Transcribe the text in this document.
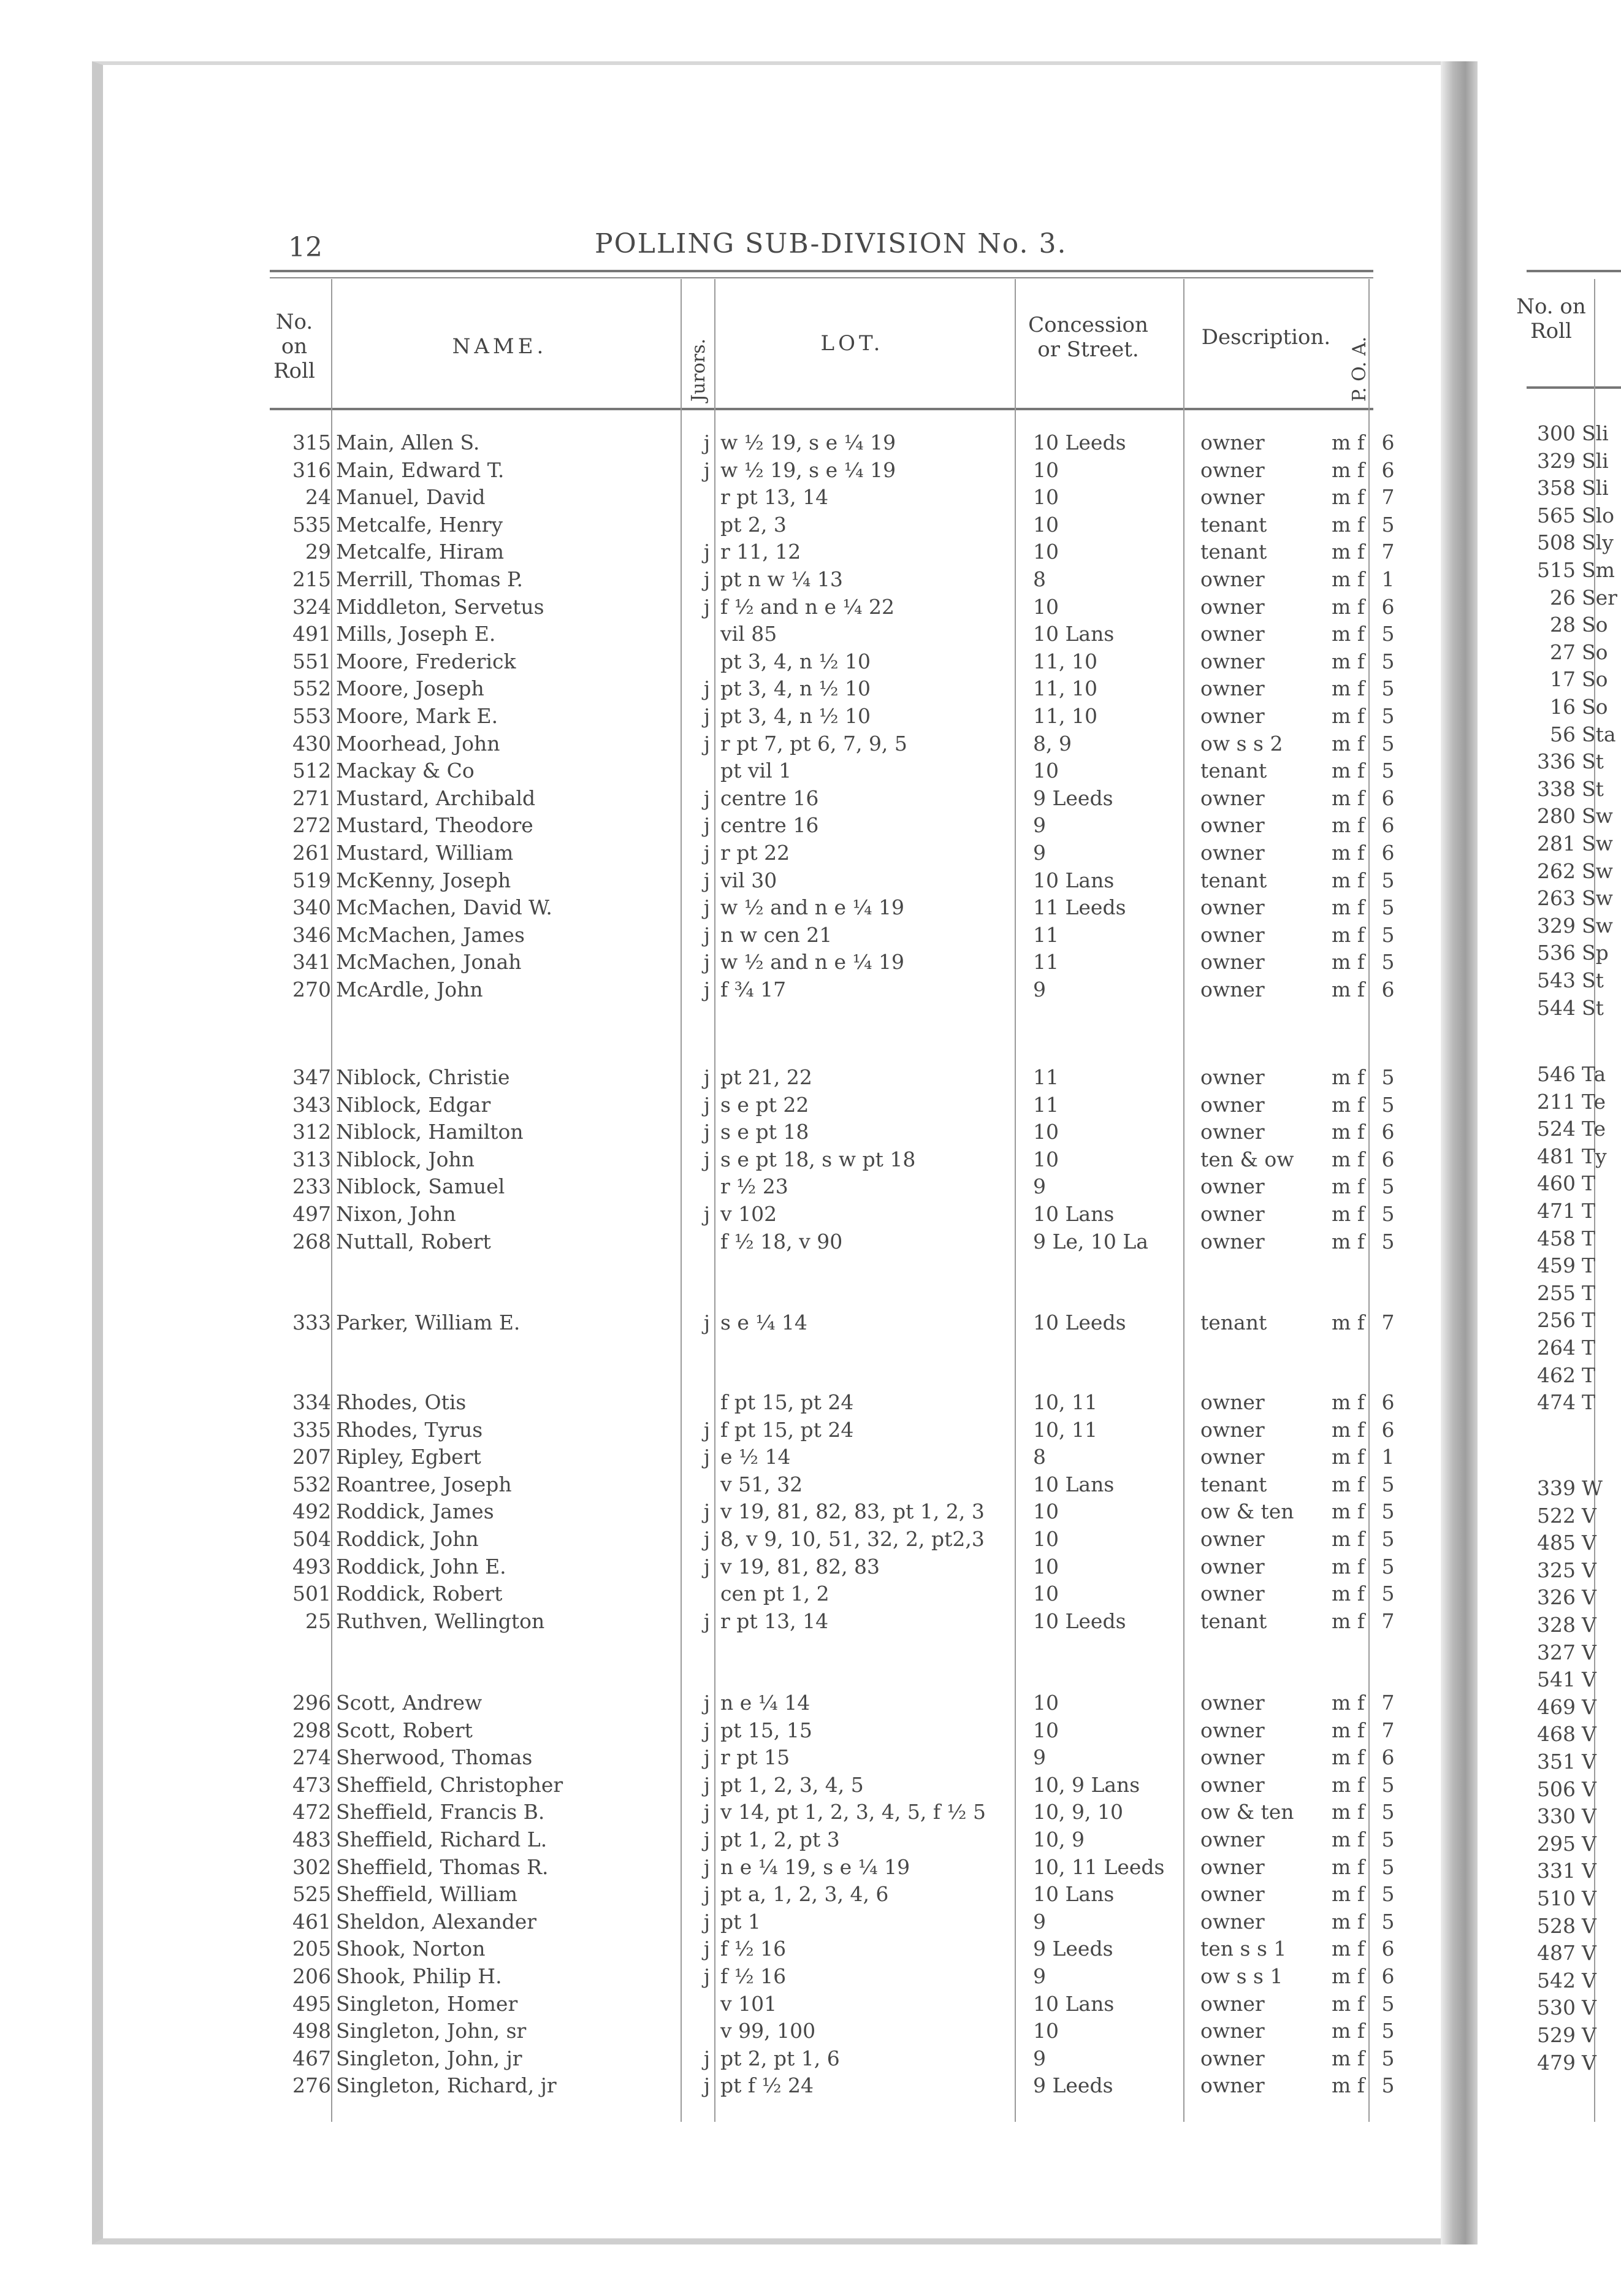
12	POLLING SUB-DIVISION No. 3.
No. on Roll
NAME.	Jurors.	LOT.
Concession or Street.	Description. P. O. A.
No. on Roll
315 Main, Allen S.	j w ½ 19, s e ¼ 19	10 Leeds	owner	m f 6
316 Main, Edward T.	j w ½ 19, s e ¼ 19	10	owner	m f 6
24 Manuel, David	r pt 13, 14	10	owner	m f 7
535 Metcalfe, Henry	pt 2, 3	10	tenant	m f 5
29 Metcalfe, Hiram	j r 11, 12	10	tenant	m f 7
215 Merrill, Thomas P.	j pt n w ¼ 13	8	owner	m f 1
324 Middleton, Servetus	j f ½ and n e ¼ 22	10	owner	m f 6
491 Mills, Joseph E.	vil 85	10 Lans	owner	m f 5
551 Moore, Frederick	pt 3, 4, n ½ 10	11, 10	owner	m f 5
552 Moore, Joseph	j pt 3, 4, n ½ 10	11, 10	owner	m f 5
553 Moore, Mark E.	j pt 3, 4, n ½ 10	11, 10	owner	m f 5
430 Moorhead, John	j r pt 7, pt 6, 7, 9, 5	8, 9	ow s s 2	m f 5
512 Mackay & Co	pt vil 1	10	tenant	m f 5
271 Mustard, Archibald	j centre 16	9 Leeds	owner	m f 6
272 Mustard, Theodore	j centre 16	9	owner	m f 6
261 Mustard, William	j r pt 22	9	owner	m f 6
519 McKenny, Joseph	j vil 30	10 Lans	tenant	m f 5
340 McMachen, David W.	j w ½ and n e ¼ 19	11 Leeds	owner	m f 5
346 McMachen, James	j n w cen 21	11	owner	m f 5
341 McMachen, Jonah	j w ½ and n e ¼ 19	11	owner	m f 5
270 McArdle, John	j f ¾ 17	9	owner	m f 6
347 Niblock, Christie	j pt 21, 22	11	owner	m f 5
343 Niblock, Edgar	j s e pt 22	11	owner	m f 5
312 Niblock, Hamilton	j s e pt 18	10	owner	m f 6
313 Niblock, John	j s e pt 18, s w pt 18	10	ten & ow	m f 6
233 Niblock, Samuel	r ½ 23	9	owner	m f 5
497 Nixon, John	j v 102	10 Lans	owner	m f 5
268 Nuttall, Robert	f ½ 18, v 90	9 Le, 10 La	owner	m f 5
333 Parker, William E.	j s e ¼ 14	10 Leeds	tenant	m f 7
334 Rhodes, Otis	f pt 15, pt 24	10, 11	owner	m f 6
335 Rhodes, Tyrus	j f pt 15, pt 24	10, 11	owner	m f 6
207 Ripley, Egbert	j e ½ 14	8	owner	m f 1
532 Roantree, Joseph	v 51, 32	10 Lans	tenant	m f 5
492 Roddick, James	j v 19, 81, 82, 83, pt 1, 2, 3	10	ow & ten	m f 5
504 Roddick, John	j 8, v 9, 10, 51, 32, 2, pt2,3	10	owner	m f 5
493 Roddick, John E.	j v 19, 81, 82, 83	10	owner	m f 5
501 Roddick, Robert	cen pt 1, 2	10	owner	m f 5
25 Ruthven, Wellington	j r pt 13, 14	10 Leeds	tenant	m f 7
296 Scott, Andrew	j n e ¼ 14	10	owner	m f 7
298 Scott, Robert	j pt 15, 15	10	owner	m f 7
274 Sherwood, Thomas	j r pt 15	9	owner	m f 6
473 Sheffield, Christopher	j pt 1, 2, 3, 4, 5	10, 9 Lans	owner	m f 5
472 Sheffield, Francis B.	j v 14, pt 1, 2, 3, 4, 5, f ½ 5	10, 9, 10	ow & ten	m f 5
483 Sheffield, Richard L.	j pt 1, 2, pt 3	10, 9	owner	m f 5
302 Sheffield, Thomas R.	j n e ¼ 19, s e ¼ 19	10, 11 Leeds	owner	m f 5
525 Sheffield, William	j pt a, 1, 2, 3, 4, 6	10 Lans	owner	m f 5
461 Sheldon, Alexander	j pt 1	9	owner	m f 5
205 Shook, Norton	j f ½ 16	9 Leeds	ten s s 1	m f 6
206 Shook, Philip H.	j f ½ 16	9	ow s s 1	m f 6
495 Singleton, Homer	v 101	10 Lans	owner	m f 5
498 Singleton, John, sr	v 99, 100	10	owner	m f 5
467 Singleton, John, jr	j pt 2, pt 1, 6	9	owner	m f 5
276 Singleton, Richard, jr	j pt f ½ 24	9 Leeds	owner	m f 5
300 Sli
329 Sli
358 Sli
565 Slo
508 Sly
515 Sm
26 Ser
28 So
27 So
17 So
16 So
56 Sta
336 St
338 St
280 Sw
281 Sw
262 Sw
263 Sw
329 Sw
536 Sp
543 St
544 St
546 Ta
211 Te
524 Te
481 Ty
460 T
471 T
458 T
459 T
255 T
256 T
264 T
462 T
474 T
339 W
522 V
485 V
325 V
326 V
328 V
327 V
541 V
469 V
468 V
351 V
506 V
330 V
295 V
331 V
510 V
528 V
487 V
542 V
530 V
529 V
479 V
